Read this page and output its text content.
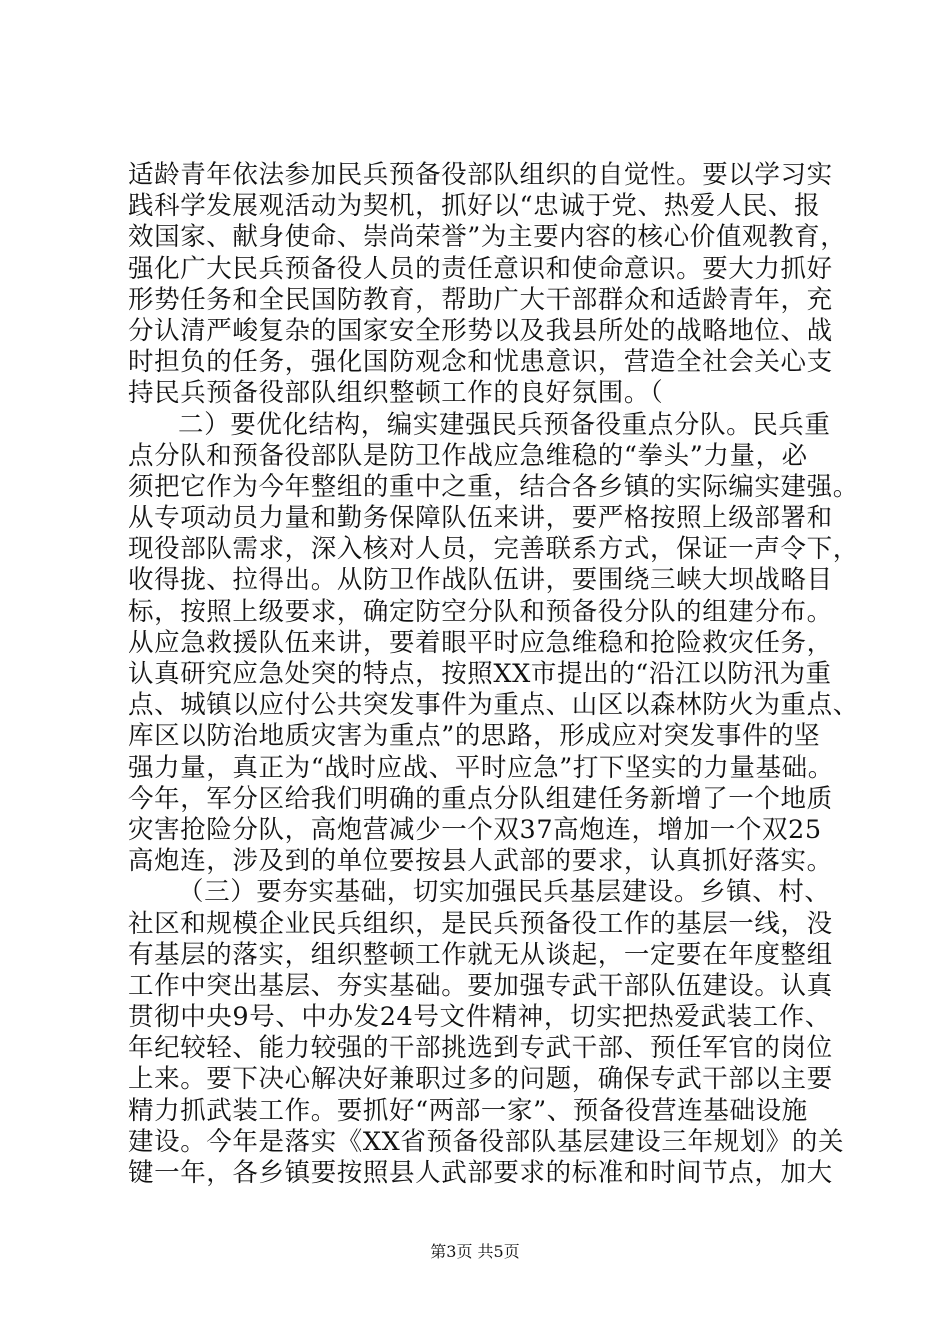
适龄青年依法参加民兵预备役部队组织的自觉性。要以学习实
践科学发展观活动为契机，抓好以“忠诚于党、热爱人民、报
效国家、献身使命、崇尚荣誉”为主要内容的核心价值观教育，
强化广大民兵预备役人员的责任意识和使命意识。要大力抓好
形势任务和全民国防教育，帮助广大干部群众和适龄青年，充
分认清严峻复杂的国家安全形势以及我县所处的战略地位、战
时担负的任务，强化国防观念和忧患意识，营造全社会关心支
持民兵预备役部队组织整顿工作的良好氛围。（
二）要优化结构，编实建强民兵预备役重点分队。民兵重
点分队和预备役部队是防卫作战应急维稳的“拳头”力量，必
须把它作为今年整组的重中之重，结合各乡镇的实际编实建强。
从专项动员力量和勤务保障队伍来讲，要严格按照上级部署和
现役部队需求，深入核对人员，完善联系方式，保证一声令下，
收得拢、拉得出。从防卫作战队伍讲，要围绕三峡大坝战略目
标，按照上级要求，确定防空分队和预备役分队的组建分布。
从应急救援队伍来讲，要着眼平时应急维稳和抢险救灾任务，
认真研究应急处突的特点，按照XX市提出的“沿江以防汛为重
点、城镇以应付公共突发事件为重点、山区以森林防火为重点、
库区以防治地质灾害为重点”的思路，形成应对突发事件的坚
强力量，真正为“战时应战、平时应急”打下坚实的力量基础。
今年，军分区给我们明确的重点分队组建任务新增了一个地质
灾害抢险分队，高炮营减少一个双37高炮连，增加一个双25
高炮连，涉及到的单位要按县人武部的要求，认真抓好落实。
（三）要夯实基础，切实加强民兵基层建设。乡镇、村、
社区和规模企业民兵组织，是民兵预备役工作的基层一线，没
有基层的落实，组织整顿工作就无从谈起，一定要在年度整组
工作中突出基层、夯实基础。要加强专武干部队伍建设。认真
贯彻中央9号、中办发24号文件精神，切实把热爱武装工作、
年纪较轻、能力较强的干部挑选到专武干部、预任军官的岗位
上来。要下决心解决好兼职过多的问题，确保专武干部以主要
精力抓武装工作。要抓好“两部一家”、预备役营连基础设施
建设。今年是落实《XX省预备役部队基层建设三年规划》的关
键一年，各乡镇要按照县人武部要求的标准和时间节点，加大
第3页 共5页
